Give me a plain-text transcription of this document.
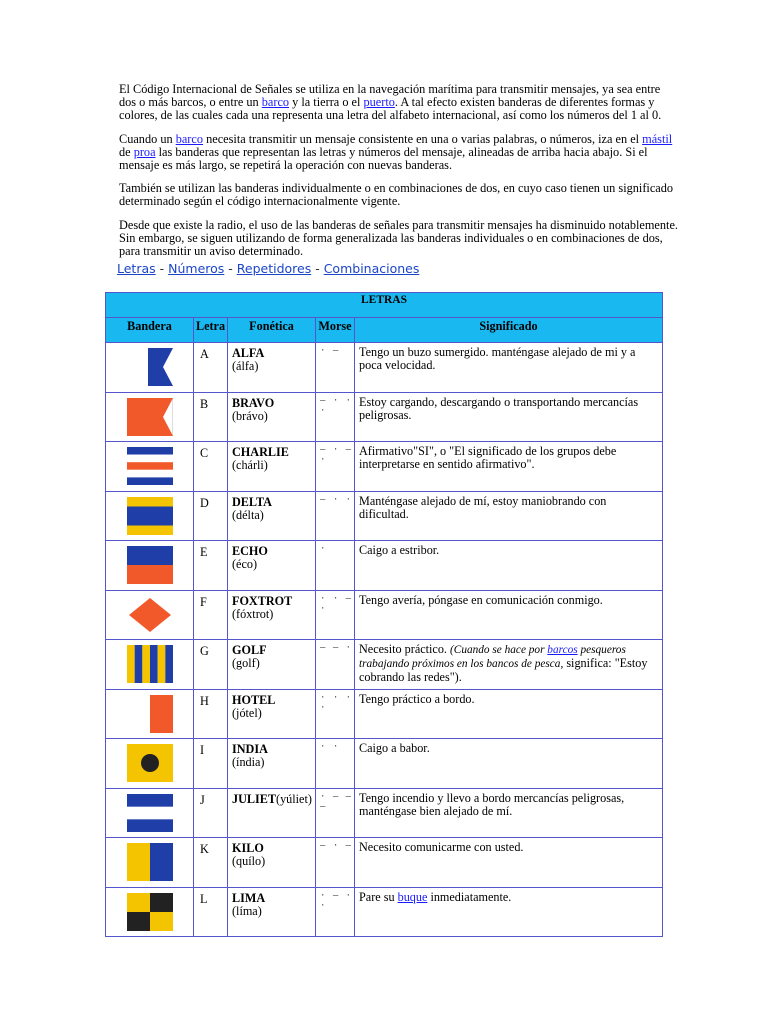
El Código Internacional de Señales se utiliza en la navegación marítima para transmitir mensajes, ya sea entre dos o más barcos, o entre un barco y la tierra o el puerto. A tal efecto existen banderas de diferentes formas y colores, de las cuales cada una representa una letra del alfabeto internacional, así como los números del 1 al 0.

Cuando un barco necesita transmitir un mensaje consistente en una o varias palabras, o números, iza en el mástil de proa las banderas que representan las letras y números del mensaje, alineadas de arriba hacia abajo. Si el mensaje es más largo, se repetirá la operación con nuevas banderas.

También se utilizan las banderas individualmente o en combinaciones de dos, en cuyo caso tienen un significado determinado según el código internacionalmente vigente.

Desde que existe la radio, el uso de las banderas de señales para transmitir mensajes ha disminuido notablemente. Sin embargo, se siguen utilizando de forma generalizada las banderas individuales o en combinaciones de dos, para transmitir un aviso determinado.

Letras - Números - Repetidores - Combinaciones
LETRAS				
Bandera	Letra	Fonética	Morse	Significado

	A	ALFA
(álfa)	· –	Tengo un buzo sumergido. manténgase alejado de mi y a poca velocidad.

	B	BRAVO
(brávo)	– · · ·	Estoy cargando, descargando o transportando mercancías peligrosas.

	C	CHARLIE
(chárli)	– · – ·	Afirmativo"SI", o "El significado de los grupos debe interpretarse en sentido afirmativo".

	D	DELTA
(délta)	– · ·	Manténgase alejado de mí, estoy maniobrando con dificultad.

	E	ECHO
(éco)	·	Caigo a estribor.

	F	FOXTROT
(fóxtrot)	· · – ·	Tengo avería, póngase en comunicación conmigo.

	G	GOLF
(golf)	– – ·	Necesito práctico. (Cuando se hace por barcos pesqueros trabajando próximos en los bancos de pesca, significa: "Estoy cobrando las redes").

	H	HOTEL
(jótel)	· · · ·	Tengo práctico a bordo.

	I	INDIA
(índia)	· ·	Caigo a babor.

	J	JULIET(yúliet)	· – – –	Tengo incendio y llevo a bordo mercancías peligrosas, manténgase bien alejado de mí.

	K	KILO
(quílo)	– · –	Necesito comunicarme con usted.

	L	LIMA
(líma)	· – · ·	Pare su buque inmediatamente.
